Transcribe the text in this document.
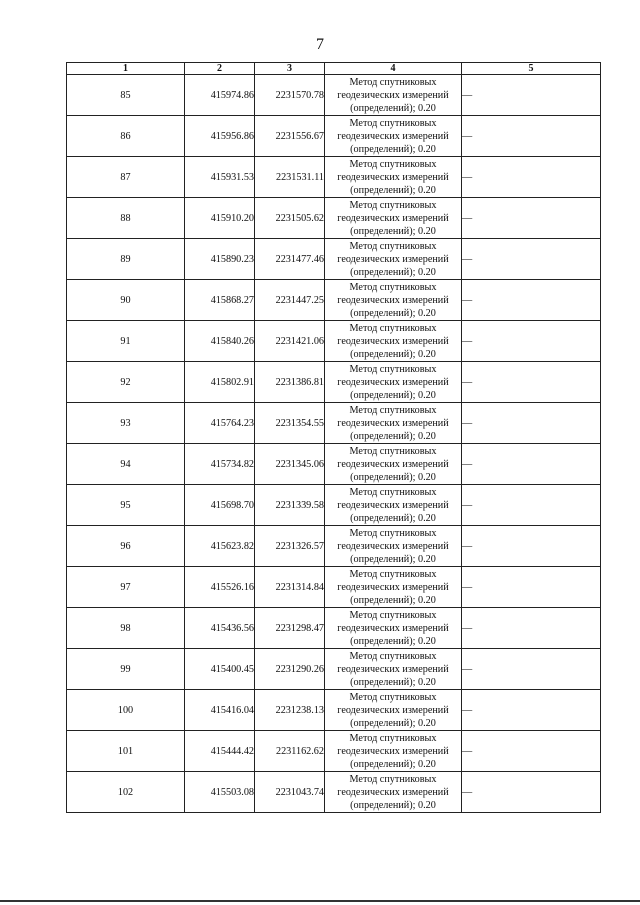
7
1	2	3	4	5
85	415974.86	2231570.78	Метод спутниковых геодезических измерений (определений); 0.20	—
86	415956.86	2231556.67	Метод спутниковых геодезических измерений (определений); 0.20	—
87	415931.53	2231531.11	Метод спутниковых геодезических измерений (определений); 0.20	—
88	415910.20	2231505.62	Метод спутниковых геодезических измерений (определений); 0.20	—
89	415890.23	2231477.46	Метод спутниковых геодезических измерений (определений); 0.20	—
90	415868.27	2231447.25	Метод спутниковых геодезических измерений (определений); 0.20	—
91	415840.26	2231421.06	Метод спутниковых геодезических измерений (определений); 0.20	—
92	415802.91	2231386.81	Метод спутниковых геодезических измерений (определений); 0.20	—
93	415764.23	2231354.55	Метод спутниковых геодезических измерений (определений); 0.20	—
94	415734.82	2231345.06	Метод спутниковых геодезических измерений (определений); 0.20	—
95	415698.70	2231339.58	Метод спутниковых геодезических измерений (определений); 0.20	—
96	415623.82	2231326.57	Метод спутниковых геодезических измерений (определений); 0.20	—
97	415526.16	2231314.84	Метод спутниковых геодезических измерений (определений); 0.20	—
98	415436.56	2231298.47	Метод спутниковых геодезических измерений (определений); 0.20	—
99	415400.45	2231290.26	Метод спутниковых геодезических измерений (определений); 0.20	—
100	415416.04	2231238.13	Метод спутниковых геодезических измерений (определений); 0.20	—
101	415444.42	2231162.62	Метод спутниковых геодезических измерений (определений); 0.20	—
102	415503.08	2231043.74	Метод спутниковых геодезических измерений (определений); 0.20	—
